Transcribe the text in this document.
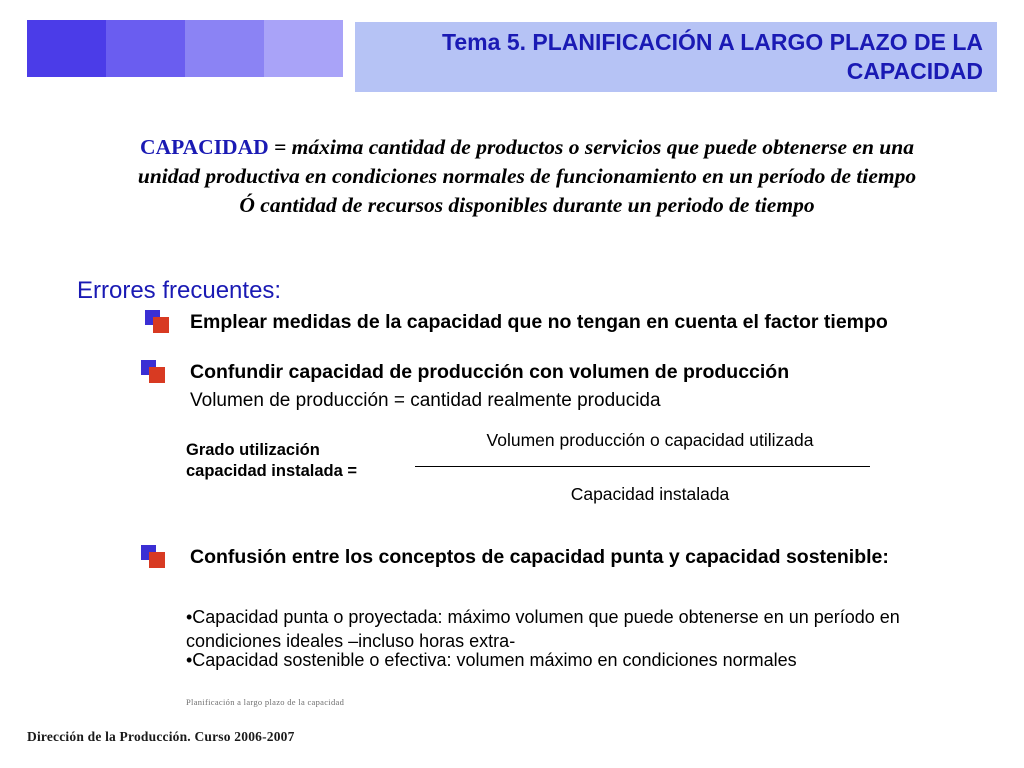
Tema 5. PLANIFICACIÓN A LARGO PLAZO DE LA CAPACIDAD
CAPACIDAD = máxima cantidad de productos o servicios que puede obtenerse en una unidad productiva en condiciones normales de funcionamiento en un período de tiempo
Ó cantidad de recursos disponibles durante un periodo de tiempo
Errores frecuentes:
Emplear medidas de la capacidad que no tengan en cuenta el factor tiempo
Confundir capacidad de producción con volumen de producción
Volumen de producción = cantidad realmente producida
Grado utilización capacidad instalada =
Volumen producción o capacidad utilizada
Capacidad instalada
Confusión entre los conceptos de capacidad punta y capacidad sostenible:
•Capacidad punta o proyectada: máximo volumen que puede obtenerse en un período en condiciones ideales –incluso horas extra-
•Capacidad sostenible o efectiva: volumen máximo en condiciones normales
Planificación a largo plazo de la capacidad
Dirección de la Producción. Curso 2006-2007
